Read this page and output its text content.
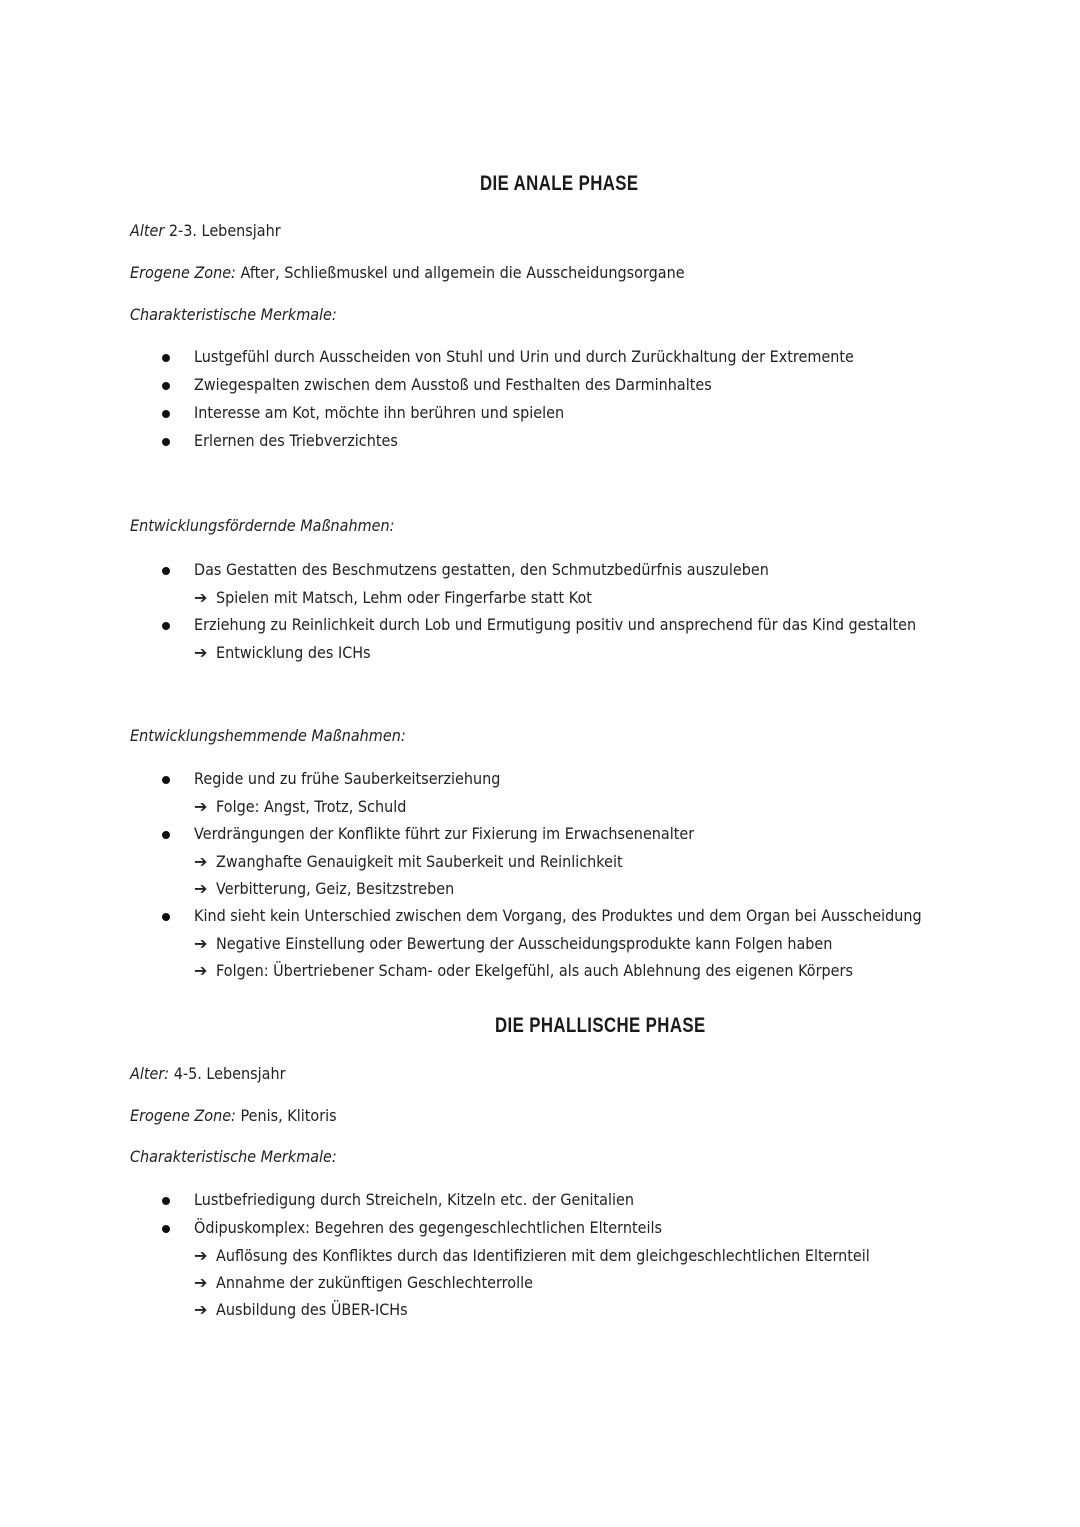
DIE ANALE PHASE
Alter 2-3. Lebensjahr
Erogene Zone: After, Schließmuskel und allgemein die Ausscheidungsorgane
Charakteristische Merkmale:
Lustgefühl durch Ausscheiden von Stuhl und Urin und durch Zurückhaltung der Extremente
Zwiegespalten zwischen dem Ausstoß und Festhalten des Darminhaltes
Interesse am Kot, möchte ihn berühren und spielen
Erlernen des Triebverzichtes
Entwicklungsfördernde Maßnahmen:
Das Gestatten des Beschmutzens gestatten, den Schmutzbedürfnis auszuleben
➔ Spielen mit Matsch, Lehm oder Fingerfarbe statt Kot
Erziehung zu Reinlichkeit durch Lob und Ermutigung positiv und ansprechend für das Kind gestalten
➔ Entwicklung des ICHs
Entwicklungshemmende Maßnahmen:
Regide und zu frühe Sauberkeitserziehung
➔ Folge: Angst, Trotz, Schuld
Verdrängungen der Konflikte führt zur Fixierung im Erwachsenenalter
➔ Zwanghafte Genauigkeit mit Sauberkeit und Reinlichkeit
➔ Verbitterung, Geiz, Besitzstreben
Kind sieht kein Unterschied zwischen dem Vorgang, des Produktes und dem Organ bei Ausscheidung
➔ Negative Einstellung oder Bewertung der Ausscheidungsprodukte kann Folgen haben
➔ Folgen: Übertriebener Scham- oder Ekelgefühl, als auch Ablehnung des eigenen Körpers
DIE PHALLISCHE PHASE
Alter: 4-5. Lebensjahr
Erogene Zone: Penis, Klitoris
Charakteristische Merkmale:
Lustbefriedigung durch Streicheln, Kitzeln etc. der Genitalien
Ödipuskomplex: Begehren des gegengeschlechtlichen Elternteils
➔ Auflösung des Konfliktes durch das Identifizieren mit dem gleichgeschlechtlichen Elternteil
➔ Annahme der zukünftigen Geschlechterrolle
➔ Ausbildung des ÜBER-ICHs
